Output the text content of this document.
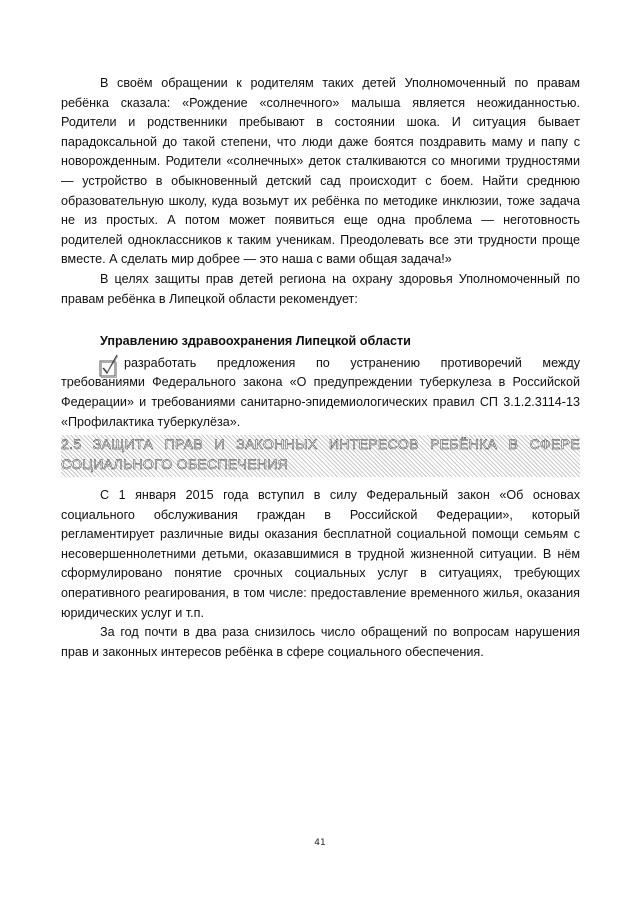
В своём обращении к родителям таких детей Уполномоченный по правам ребёнка сказала: «Рождение «солнечного» малыша является неожиданностью. Родители и родственники пребывают в состоянии шока. И ситуация бывает парадоксальной до такой степени, что люди даже боятся поздравить маму и папу с новорожденным. Родители «солнечных» деток сталкиваются со многими трудностями — устройство в обыкновенный детский сад происходит с боем. Найти среднюю образовательную школу, куда возьмут их ребёнка по методике инклюзии, тоже задача не из простых. А потом может появиться еще одна проблема — неготовность родителей одноклассников к таким ученикам. Преодолевать все эти трудности проще вместе. А сделать мир добрее — это наша с вами общая задача!»

В целях защиты прав детей региона на охрану здоровья Уполномоченный по правам ребёнка в Липецкой области рекомендует:

Управлению здравоохранения Липецкой области

разработать предложения по устранению противоречий между требованиями Федерального закона «О предупреждении туберкулеза в Российской Федерации» и требованиями санитарно-эпидемиологических правил СП 3.1.2.3114-13 «Профилактика туберкулёза».

2.5 ЗАЩИТА ПРАВ И ЗАКОННЫХ ИНТЕРЕСОВ РЕБЁНКА В СФЕРЕ
СОЦИАЛЬНОГО ОБЕСПЕЧЕНИЯ

С 1 января 2015 года вступил в силу Федеральный закон «Об основах социального обслуживания граждан в Российской Федерации», который регламентирует различные виды оказания бесплатной социальной помощи семьям с несовершеннолетними детьми, оказавшимися в трудной жизненной ситуации. В нём сформулировано понятие срочных социальных услуг в ситуациях, требующих оперативного реагирования, в том числе: предоставление временного жилья, оказания юридических услуг и т.п.

За год почти в два раза снизилось число обращений по вопросам нарушения прав и законных интересов ребёнка в сфере социального обеспечения.

41
